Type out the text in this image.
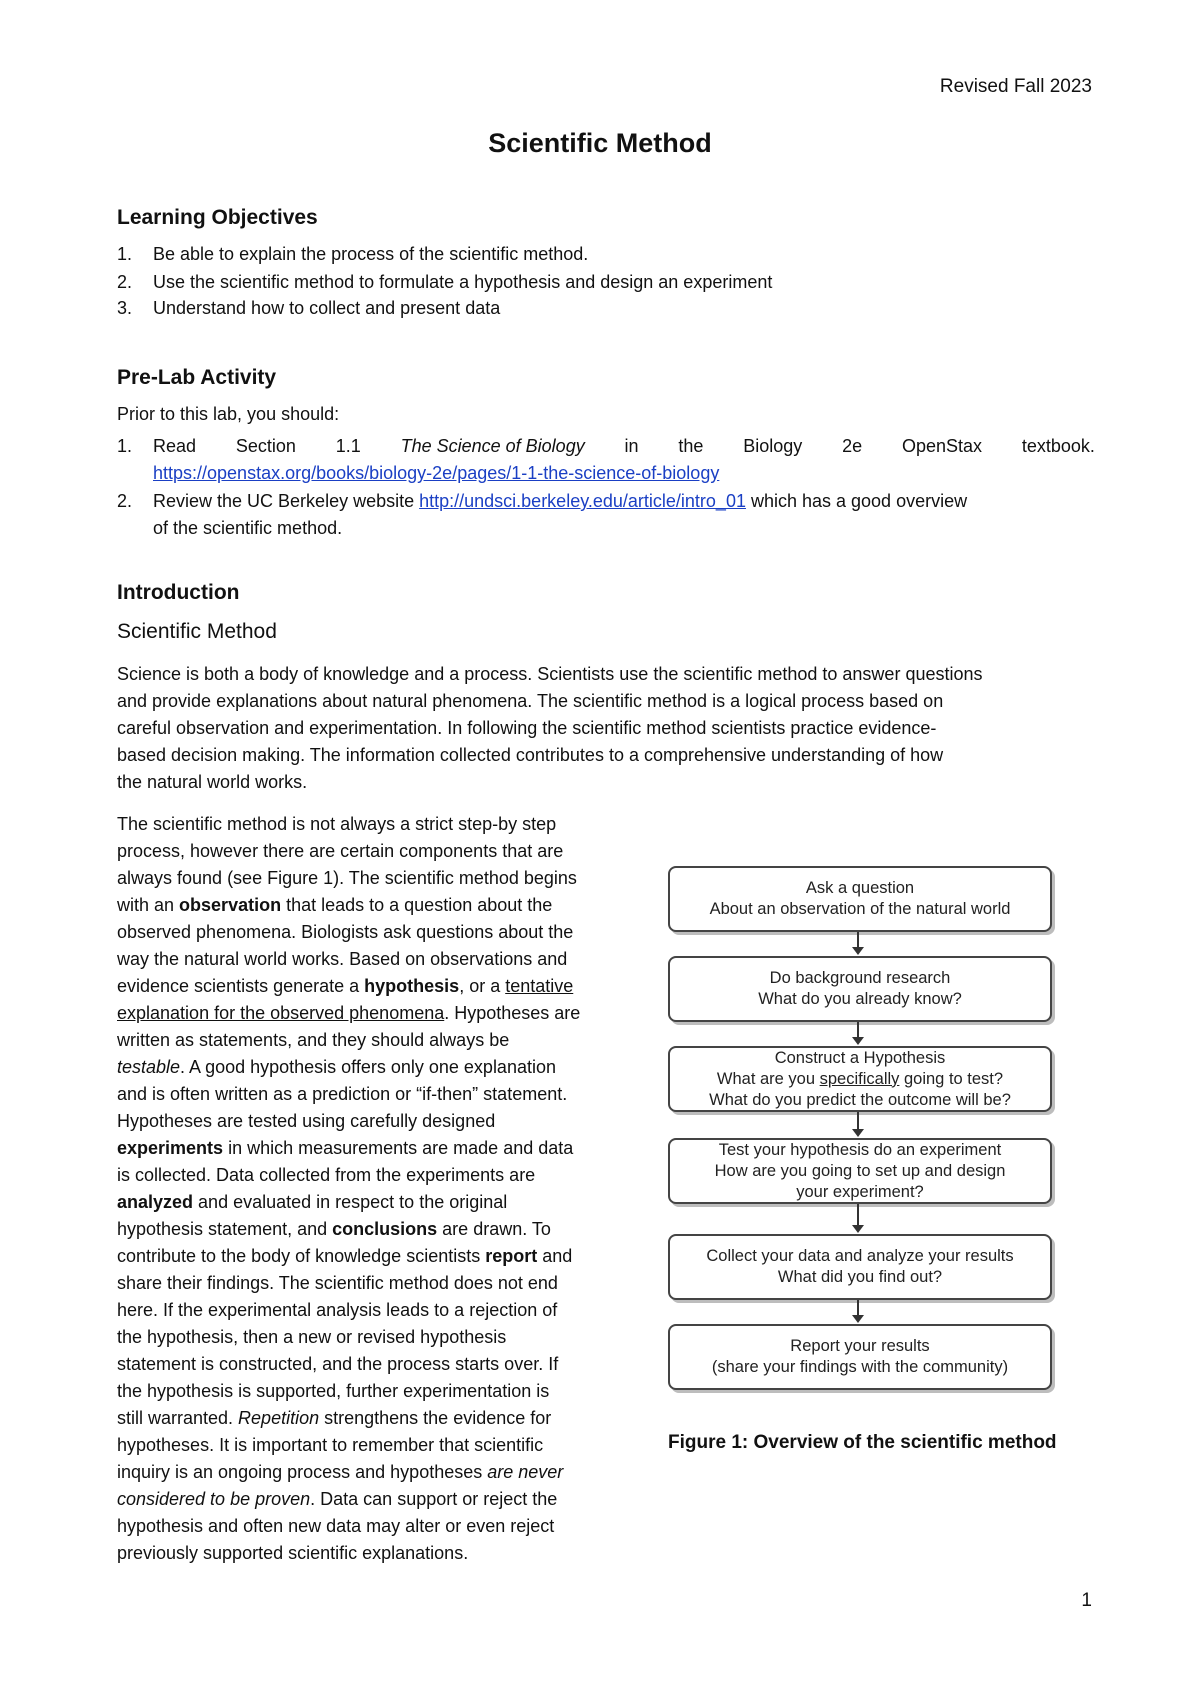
Revised Fall 2023
Scientific Method
Learning Objectives
1. Be able to explain the process of the scientific method.
2. Use the scientific method to formulate a hypothesis and design an experiment
3. Understand how to collect and present data
Pre-Lab Activity
Prior to this lab, you should:
1. Read Section 1.1 The Science of Biology in the Biology 2e OpenStax textbook.
https://openstax.org/books/biology-2e/pages/1-1-the-science-of-biology
2. Review the UC Berkeley website http://undsci.berkeley.edu/article/intro_01 which has a good overview
of the scientific method.
Introduction
Scientific Method
Science is both a body of knowledge and a process. Scientists use the scientific method to answer questions
and provide explanations about natural phenomena. The scientific method is a logical process based on
careful observation and experimentation. In following the scientific method scientists practice evidence-
based decision making. The information collected contributes to a comprehensive understanding of how
the natural world works.
The scientific method is not always a strict step-by step
process, however there are certain components that are
always found (see Figure 1). The scientific method begins
with an observation that leads to a question about the
observed phenomena. Biologists ask questions about the
way the natural world works. Based on observations and
evidence scientists generate a hypothesis, or a tentative
explanation for the observed phenomena. Hypotheses are
written as statements, and they should always be
testable. A good hypothesis offers only one explanation
and is often written as a prediction or “if-then” statement.
Hypotheses are tested using carefully designed
experiments in which measurements are made and data
is collected. Data collected from the experiments are
analyzed and evaluated in respect to the original
hypothesis statement, and conclusions are drawn. To
contribute to the body of knowledge scientists report and
share their findings. The scientific method does not end
here. If the experimental analysis leads to a rejection of
the hypothesis, then a new or revised hypothesis
statement is constructed, and the process starts over. If
the hypothesis is supported, further experimentation is
still warranted. Repetition strengthens the evidence for
hypotheses. It is important to remember that scientific
inquiry is an ongoing process and hypotheses are never
considered to be proven. Data can support or reject the
hypothesis and often new data may alter or even reject
previously supported scientific explanations.
Ask a question
About an observation of the natural world
Do background research
What do you already know?
Construct a Hypothesis
What are you specifically going to test?
What do you predict the outcome will be?
Test your hypothesis do an experiment
How are you going to set up and design
your experiment?
Collect your data and analyze your results
What did you find out?
Report your results
(share your findings with the community)
Figure 1: Overview of the scientific method
1
